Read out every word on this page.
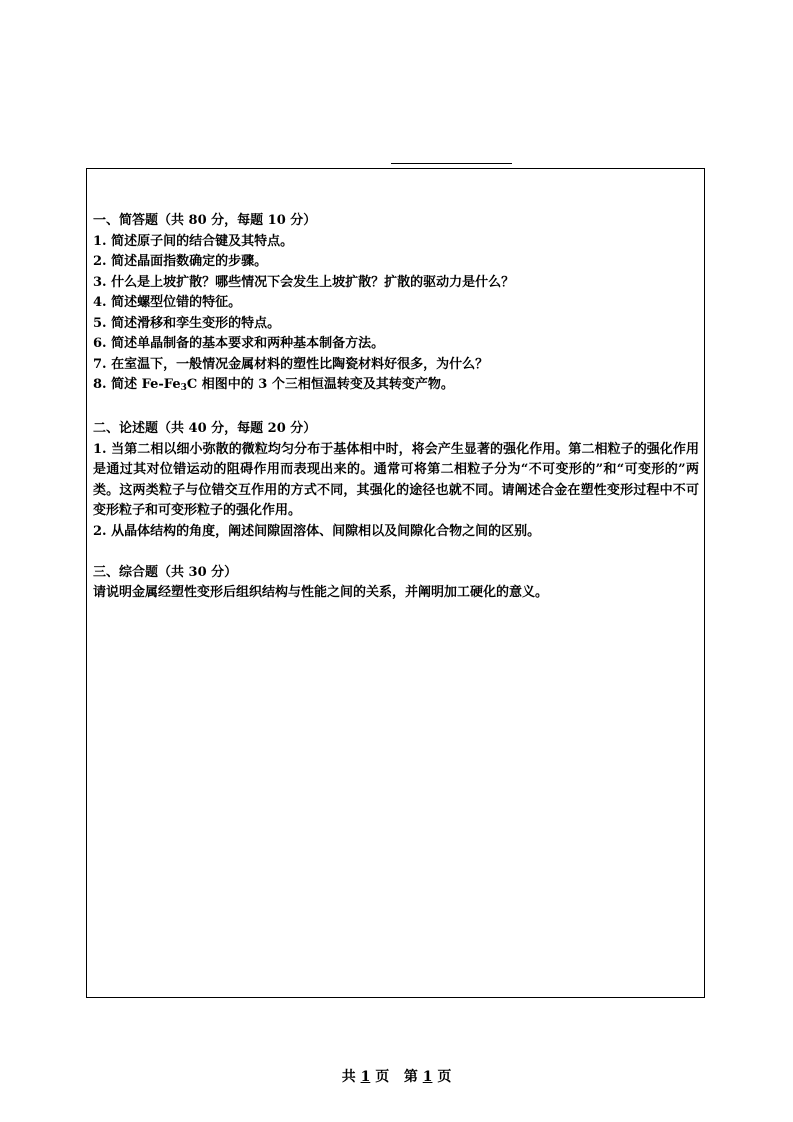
一、简答题（共 80 分，每题 10 分）

1. 简述原子间的结合键及其特点。

2. 简述晶面指数确定的步骤。

3. 什么是上坡扩散？哪些情况下会发生上坡扩散？扩散的驱动力是什么？

4. 简述螺型位错的特征。

5. 简述滑移和孪生变形的特点。

6. 简述单晶制备的基本要求和两种基本制备方法。

7. 在室温下，一般情况金属材料的塑性比陶瓷材料好很多，为什么？

8. 简述 $Fe-Fe_3C$ 相图中的 3 个三相恒温转变及其转变产物。

二、论述题（共 40 分，每题 20 分）

1. 当第二相以细小弥散的微粒均匀分布于基体相中时，将会产生显著的强化作用。第二相粒子的强化作用是通过其对位错运动的阻碍作用而表现出来的。通常可将第二相粒子分为“不可变形的”和“可变形的”两类。这两类粒子与位错交互作用的方式不同，其强化的途径也就不同。请阐述合金在塑性变形过程中不可变形粒子和可变形粒子的强化作用。

2. 从晶体结构的角度，阐述间隙固溶体、间隙相以及间隙化合物之间的区别。

三、综合题（共 30 分）

请说明金属经塑性变形后组织结构与性能之间的关系，并阐明加工硬化的意义。

共 1 页 第 1 页
